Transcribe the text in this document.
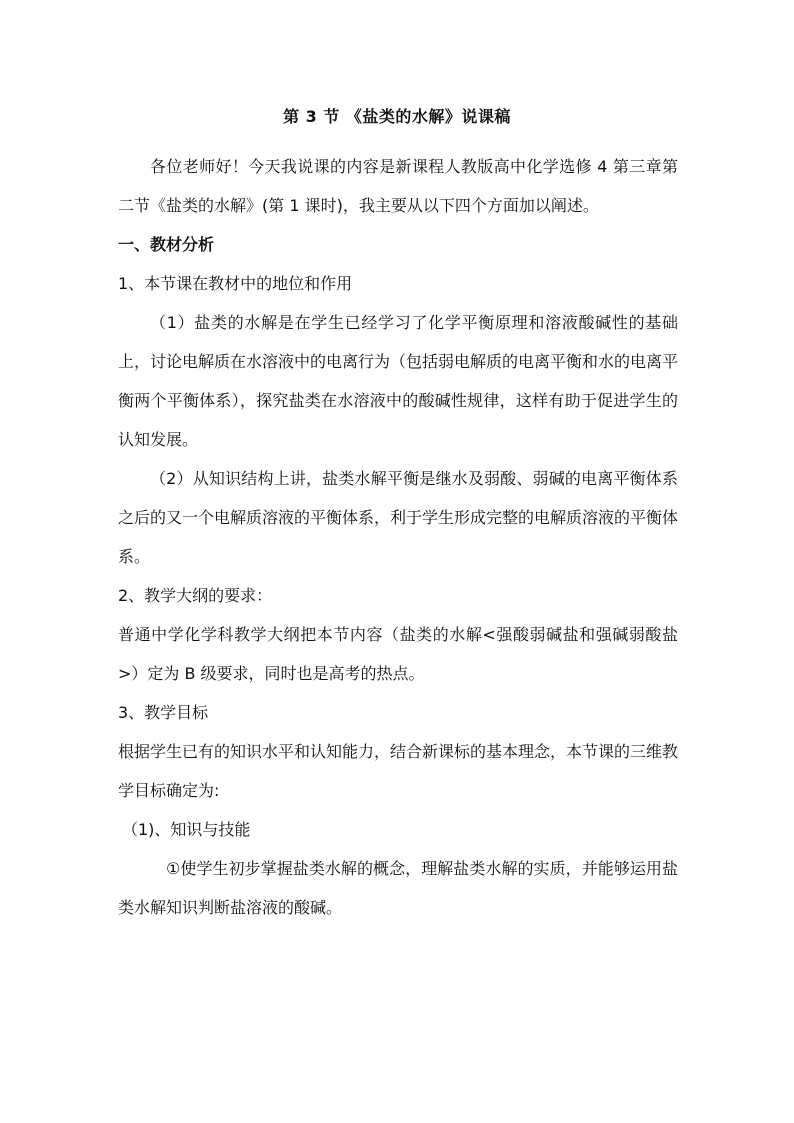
第 3 节 《盐类的水解》说课稿

各位老师好！今天我说课的内容是新课程人教版高中化学选修 4 第三章第二节《盐类的水解》(第 1 课时)，我主要从以下四个方面加以阐述。

一、教材分析

1、本节课在教材中的地位和作用

（1）盐类的水解是在学生已经学习了化学平衡原理和溶液酸碱性的基础上，讨论电解质在水溶液中的电离行为（包括弱电解质的电离平衡和水的电离平衡两个平衡体系），探究盐类在水溶液中的酸碱性规律，这样有助于促进学生的认知发展。

（2）从知识结构上讲，盐类水解平衡是继水及弱酸、弱碱的电离平衡体系之后的又一个电解质溶液的平衡体系，利于学生形成完整的电解质溶液的平衡体系。

2、教学大纲的要求：

普通中学化学科教学大纲把本节内容（盐类的水解<强酸弱碱盐和强碱弱酸盐>）定为 B 级要求，同时也是高考的热点。

3、教学目标

根据学生已有的知识水平和认知能力，结合新课标的基本理念，本节课的三维教学目标确定为:

（1)、知识与技能

①使学生初步掌握盐类水解的概念，理解盐类水解的实质，并能够运用盐类水解知识判断盐溶液的酸碱。
